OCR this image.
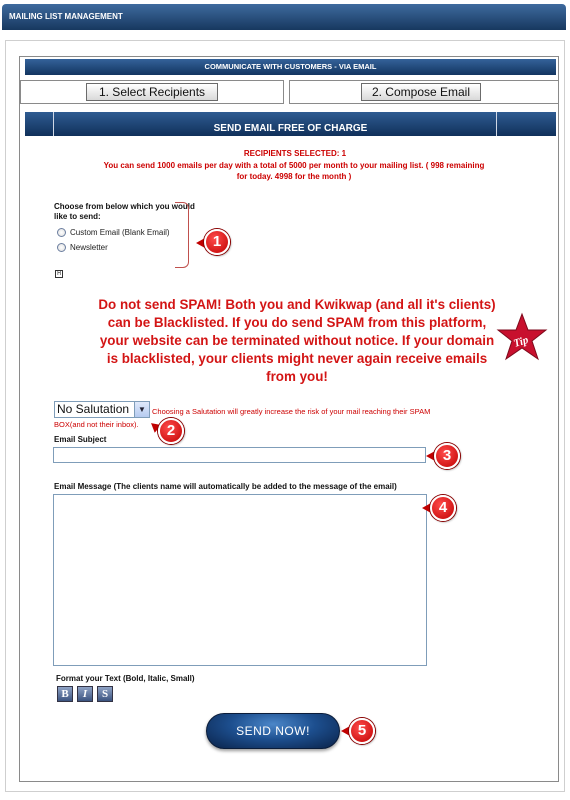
MAILING LIST MANAGEMENT
COMMUNICATE WITH CUSTOMERS - VIA EMAIL
1. Select Recipients	2. Compose Email
SEND EMAIL FREE OF CHARGE
RECIPIENTS SELECTED: 1
You can send 1000 emails per day with a total of 5000 per month to your mailing list. ( 998 remaining
for today. 4998 for the month )
Choose from below which you would
like to send:
Custom Email (Blank Email)
Newsletter	1
H
Do not send SPAM! Both you and Kwikwap (and all it's clients)
can be Blacklisted. If you do send SPAM from this platform,
your website can be terminated without notice. If your domain
is blacklisted, your clients might never again receive emails
from you!
Tip
No Salutation	▼ Choosing a Salutation will greatly increase the risk of your mail reaching their SPAM
BOX(and not their inbox).	2
Email Subject
3
Email Message (The clients name will automatically be added to the message of the email)
4
Format your Text (Bold, Italic, Small)
B	I	S
SEND NOW!	5
